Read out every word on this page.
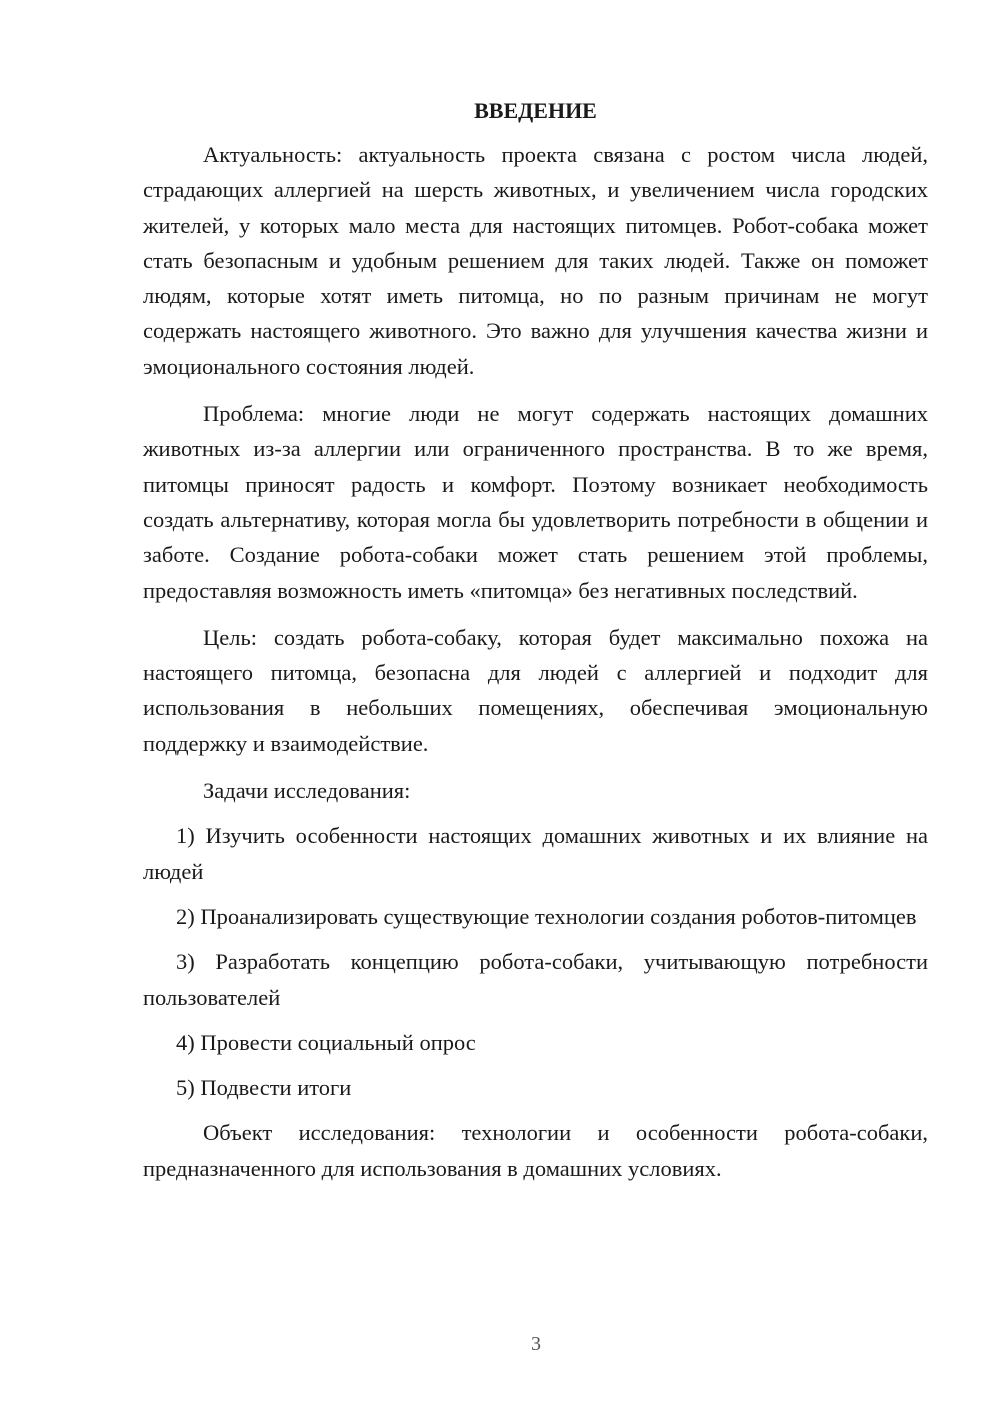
ВВЕДЕНИЕ

Актуальность: актуальность проекта связана с ростом числа людей, страдающих аллергией на шерсть животных, и увеличением числа городских жителей, у которых мало места для настоящих питомцев. Робот-собака может стать безопасным и удобным решением для таких людей. Также он поможет людям, которые хотят иметь питомца, но по разным причинам не могут содержать настоящего животного. Это важно для улучшения качества жизни и эмоционального состояния людей.

Проблема: многие люди не могут содержать настоящих домашних животных из-за аллергии или ограниченного пространства. В то же время, питомцы приносят радость и комфорт. Поэтому возникает необходимость создать альтернативу, которая могла бы удовлетворить потребности в общении и заботе. Создание робота-собаки может стать решением этой проблемы, предоставляя возможность иметь «питомца» без негативных последствий.

Цель: создать робота-собаку, которая будет максимально похожа на настоящего питомца, безопасна для людей с аллергией и подходит для использования в небольших помещениях, обеспечивая эмоциональную поддержку и взаимодействие.

Задачи исследования:

1) Изучить особенности настоящих домашних животных и их влияние на людей

2) Проанализировать существующие технологии создания роботов-питомцев

3) Разработать концепцию робота-собаки, учитывающую потребности пользователей

4) Провести социальный опрос

5) Подвести итоги

Объект исследования: технологии и особенности робота-собаки, предназначенного для использования в домашних условиях.

3
